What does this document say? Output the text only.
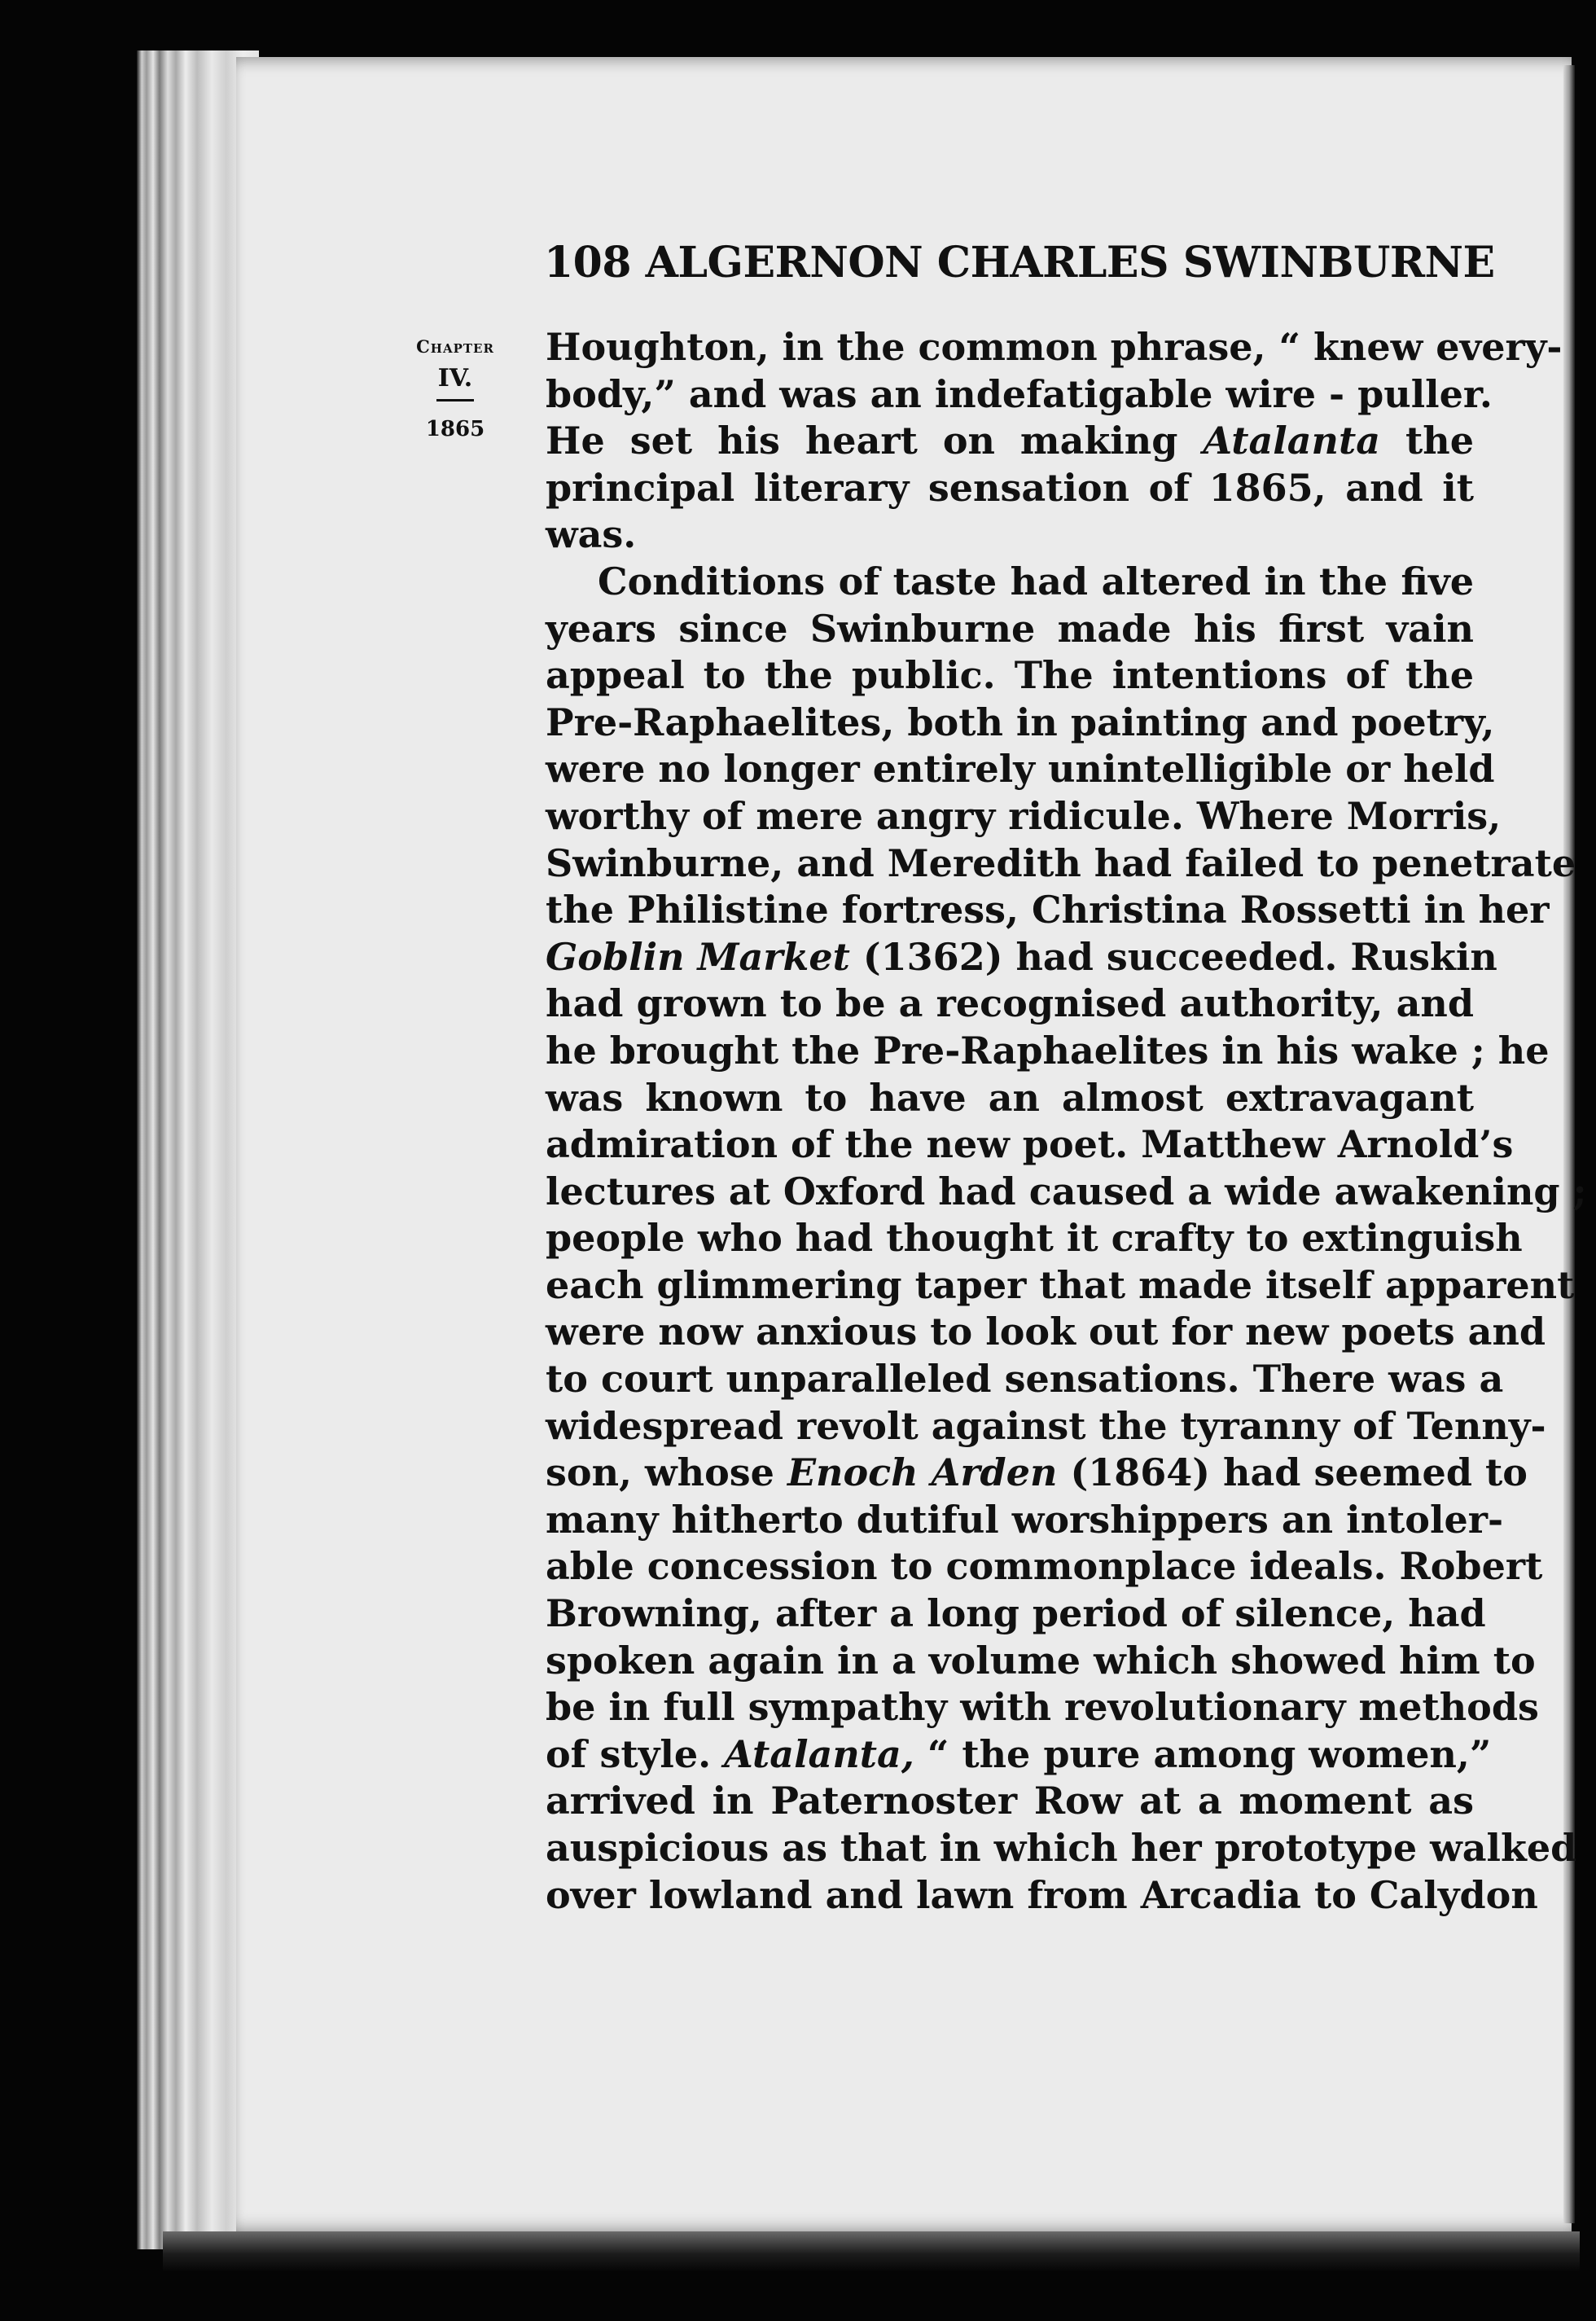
108 ALGERNON CHARLES SWINBURNE
Chapter
IV.
1865
Houghton, in the common phrase, “ knew every-
body,” and was an indefatigable wire - puller.
He set his heart on making Atalanta the
principal literary sensation of 1865, and it
was.
Conditions of taste had altered in the five
years since Swinburne made his first vain
appeal to the public. The intentions of the
Pre-Raphaelites, both in painting and poetry,
were no longer entirely unintelligible or held
worthy of mere angry ridicule. Where Morris,
Swinburne, and Meredith had failed to penetrate
the Philistine fortress, Christina Rossetti in her
Goblin Market (1362) had succeeded. Ruskin
had grown to be a recognised authority, and
he brought the Pre-Raphaelites in his wake ; he
was known to have an almost extravagant
admiration of the new poet. Matthew Arnold’s
lectures at Oxford had caused a wide awakening ;
people who had thought it crafty to extinguish
each glimmering taper that made itself apparent
were now anxious to look out for new poets and
to court unparalleled sensations. There was a
widespread revolt against the tyranny of Tenny-
son, whose Enoch Arden (1864) had seemed to
many hitherto dutiful worshippers an intoler-
able concession to commonplace ideals. Robert
Browning, after a long period of silence, had
spoken again in a volume which showed him to
be in full sympathy with revolutionary methods
of style. Atalanta, “ the pure among women,”
arrived in Paternoster Row at a moment as
auspicious as that in which her prototype walked
over lowland and lawn from Arcadia to Calydon
